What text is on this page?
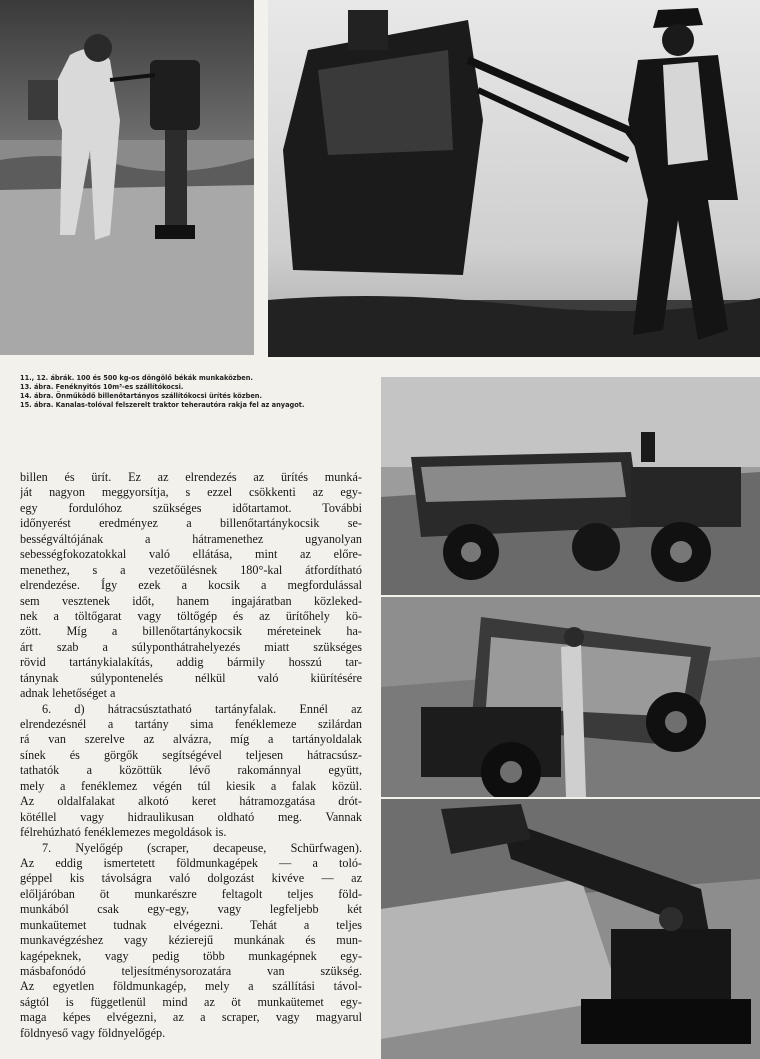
11., 12. ábrák. 100 és 500 kg-os döngölő békák munkaközben.
13. ábra. Fenéknyitós 10m³-es szállítókocsi.
14. ábra. Önműködő billenőtartányos szállítókocsi ürítés közben.
15. ábra. Kanalas-tolóval felszerelt traktor teherautóra rakja fel az anyagot.
billen és ürít. Ez az elrendezés az ürítés munká-
ját nagyon meggyorsítja, s ezzel csökkenti az egy-
egy fordulóhoz szükséges időtartamot. További
időnyerést eredményez a billenőtartánykocsik se-
bességváltójának a hátramenethez ugyanolyan
sebességfokozatokkal való ellátása, mint az előre-
menethez, s a vezetőülésnek 180°-kal átfordítható
elrendezése. Így ezek a kocsik a megfordulással
sem vesztenek időt, hanem ingajáratban közleked-
nek a töltőgarat vagy töltőgép és az ürítőhely kö-
zött. Míg a billenőtartánykocsik méreteinek ha-
árt szab a súlyponthátrahelyezés miatt szükséges
rövid tartánykialakítás, addig bármily hosszú tar-
tánynak súlypontenelés nélkül való kiürítésére
adnak lehetőséget a
6. d) hátracsúsztatható tartányfalak. Ennél az
elrendezésnél a tartány sima fenéklemeze szilárdan
rá van szerelve az alvázra, míg a tartányoldalak
sínek és görgők segítségével teljesen hátracsúsz-
tathatók a közöttük lévő rakománnyal együtt,
mely a fenéklemez végén túl kiesik a falak közül.
Az oldalfalakat alkotó keret hátramozgatása drót-
kötéllel vagy hidraulikusan oldható meg. Vannak
félrehúzható fenéklemezes megoldások is.
7. Nyelőgép (scraper, decapeuse, Schürfwagen).
Az eddig ismertetett földmunkagépek — a toló-
géppel kis távolságra való dolgozást kivéve — az
előljáróban öt munkarészre feltagolt teljes föld-
munkából csak egy-egy, vagy legfeljebb két
munkaütemet tudnak elvégezni. Tehát a teljes
munkavégzéshez vagy kézierejű munkának és mun-
kagépeknek, vagy pedig több munkagépnek egy-
másbafonódó teljesítménysorozatára van szükség.
Az egyetlen földmunkagép, mely a szállítási távol-
ságtól is függetlenül mind az öt munkaütemet egy-
maga képes elvégezni, az a scraper, vagy magyarul
földnyeső vagy földnyelőgép.
